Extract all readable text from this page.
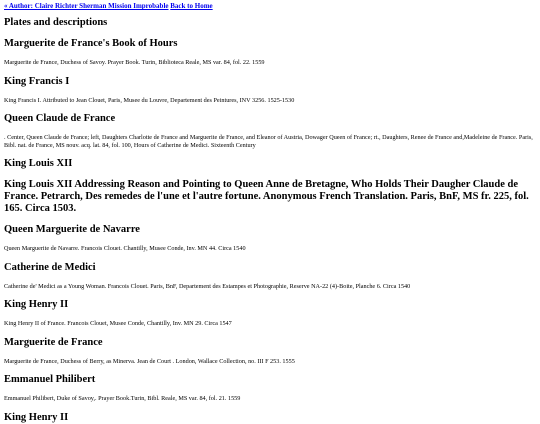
« Author: Claire Richter Sherman Mission Improbable Back to Home
Plates and descriptions
Marguerite de France's Book of Hours
Marguerite de France, Duchess of Savoy. Prayer Book. Turin, Biblioteca Reale, MS var. 84, fol. 22. 1559
King Francis I
King Francis I. Attributed to Jean Clouet, Paris, Musee du Louvre, Departement des Peintures, INV 3256. 1525-1530
Queen Claude de France
. Center, Queen Claude de France; left, Daughters Charlotte de France and Marguerite de France, and Eleanor of Austria, Dowager Queen of France; rt., Daughters, Renee de France and,Madeleine de France. Paris, Bibl. nat. de France, MS nouv. acq. lat. 84, fol. 100, Hours of Catherine de Medici. Sixteenth Century
King Louis XII
King Louis XII Addressing Reason and Pointing to Queen Anne de Bretagne, Who Holds Their Daugher Claude de France. Petrarch, Des remedes de l'une et l'autre fortune. Anonymous French Translation. Paris, BnF, MS fr. 225, fol. 165. Circa 1503.
Queen Marguerite de Navarre
Queen Marguerite de Navarre. Francois Clouet. Chantilly, Musee Conde, Inv. MN 44. Circa 1540
Catherine de Medici
Catherine de' Medici as a Young Woman. Francois Clouet. Paris, BnF, Departement des Estampes et Photographie, Reserve NA-22 (4)-Boite, Planche 6. Circa 1540
King Henry II
King Henry II of France. Francois Clouet, Musee Conde, Chantilly, Inv. MN 29. Circa 1547
Marguerite de France
Marguerite de France, Duchess of Berry, as Minerva. Jean de Court . London, Wallace Collection, no. III F 253. 1555
Emmanuel Philibert
Emmanuel Philibert, Duke of Savoy,. Prayer Book.Turin, Bibl. Reale, MS var. 84, fol. 21. 1559
King Henry II
